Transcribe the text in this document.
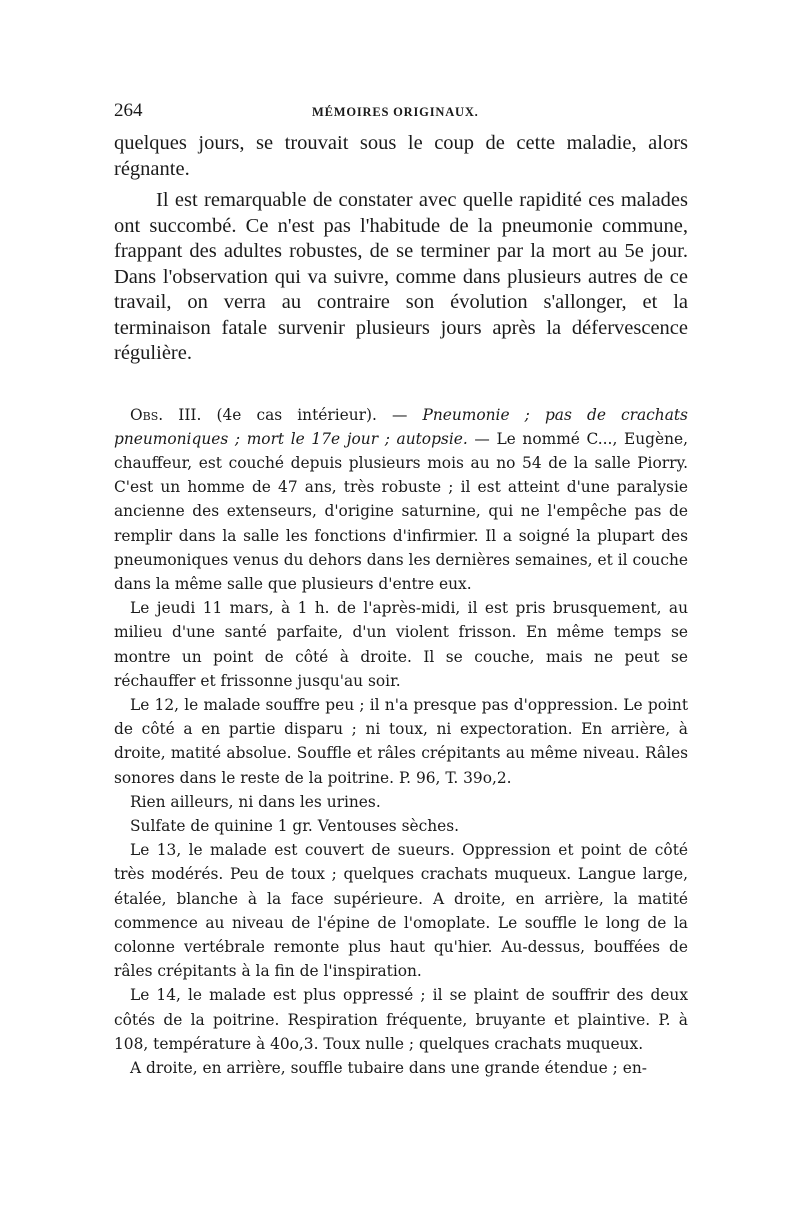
264	MÉMOIRES ORIGINAUX.

quelques jours, se trouvait sous le coup de cette maladie, alors régnante.

Il est remarquable de constater avec quelle rapidité ces malades ont succombé. Ce n'est pas l'habitude de la pneumonie commune, frappant des adultes robustes, de se terminer par la mort au 5e jour. Dans l'observation qui va suivre, comme dans plusieurs autres de ce travail, on verra au contraire son évolution s'allonger, et la terminaison fatale survenir plusieurs jours après la défervescence régulière.

Obs. III. (4e cas intérieur). — Pneumonie ; pas de crachats pneumoniques ; mort le 17e jour ; autopsie. — Le nommé C..., Eugène, chauffeur, est couché depuis plusieurs mois au no 54 de la salle Piorry. C'est un homme de 47 ans, très robuste ; il est atteint d'une paralysie ancienne des extenseurs, d'origine saturnine, qui ne l'empêche pas de remplir dans la salle les fonctions d'infirmier. Il a soigné la plupart des pneumoniques venus du dehors dans les dernières semaines, et il couche dans la même salle que plusieurs d'entre eux.

Le jeudi 11 mars, à 1 h. de l'après-midi, il est pris brusquement, au milieu d'une santé parfaite, d'un violent frisson. En même temps se montre un point de côté à droite. Il se couche, mais ne peut se réchauffer et frissonne jusqu'au soir.

Le 12, le malade souffre peu ; il n'a presque pas d'oppression. Le point de côté a en partie disparu ; ni toux, ni expectoration. En arrière, à droite, matité absolue. Souffle et râles crépitants au même niveau. Râles sonores dans le reste de la poitrine. P. 96, T. 39o,2.

Rien ailleurs, ni dans les urines.

Sulfate de quinine 1 gr. Ventouses sèches.

Le 13, le malade est couvert de sueurs. Oppression et point de côté très modérés. Peu de toux ; quelques crachats muqueux. Langue large, étalée, blanche à la face supérieure. A droite, en arrière, la matité commence au niveau de l'épine de l'omoplate. Le souffle le long de la colonne vertébrale remonte plus haut qu'hier. Au-dessus, bouffées de râles crépitants à la fin de l'inspiration.

Le 14, le malade est plus oppressé ; il se plaint de souffrir des deux côtés de la poitrine. Respiration fréquente, bruyante et plaintive. P. à 108, température à 40o,3. Toux nulle ; quelques crachats muqueux.

A droite, en arrière, souffle tubaire dans une grande étendue ; en-
